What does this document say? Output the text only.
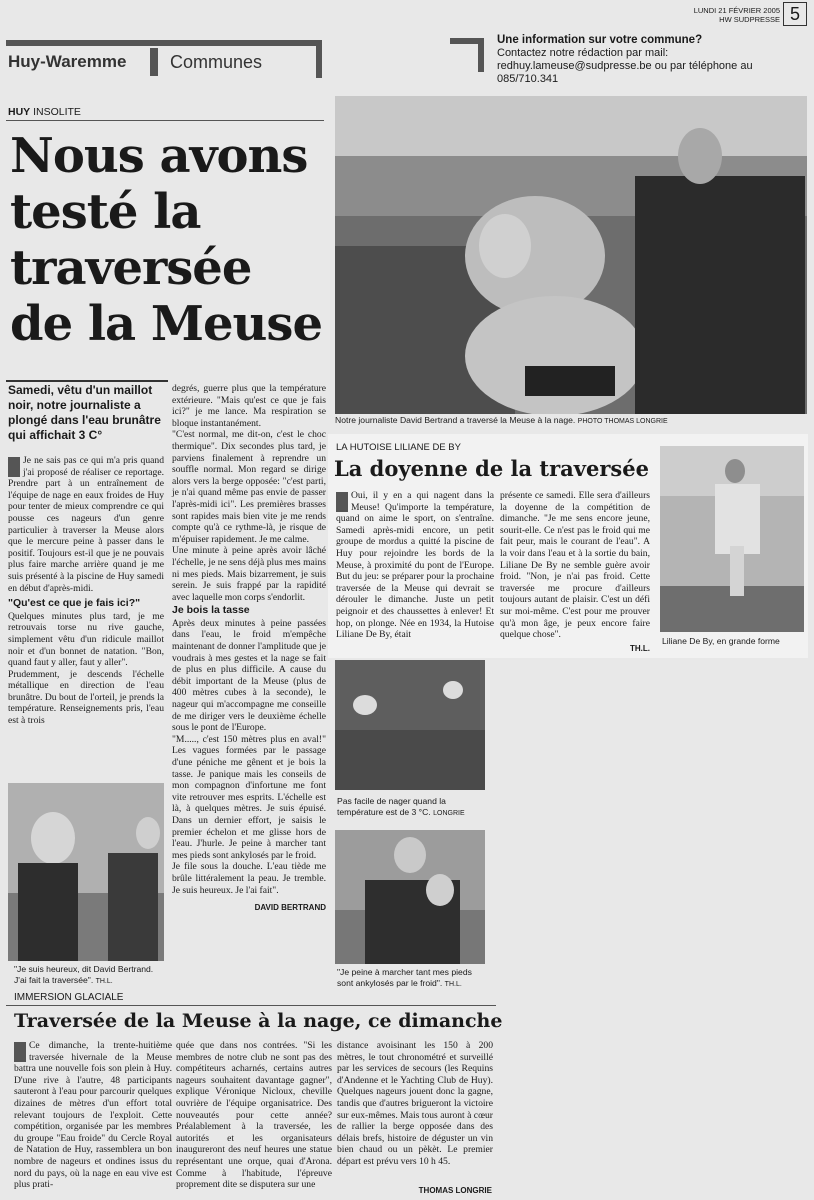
LUNDI 21 FÉVRIER 2005
HW SUDPRESSE 5
Huy-Waremme Communes
Une information sur votre commune?
Contactez notre rédaction par mail:
redhuy.lameuse@sudpresse.be ou par téléphone au 085/710.341
HUY INSOLITE
Nous avons testé la traversée de la Meuse
Samedi, vêtu d'un maillot noir, notre journaliste a plongé dans l'eau brunâtre qui affichait 3 C°
Notre journaliste David Bertrand a traversé la Meuse à la nage. PHOTO THOMAS LONGRIE

Je ne sais pas ce qui m'a pris quand j'ai proposé de réaliser ce reportage. Prendre part à un entraînement de l'équipe de nage en eaux froides de Huy pour tenter de mieux comprendre ce qui pousse ces nageurs d'un genre particulier à traverser la Meuse alors que le mercure peine à passer dans le positif. Toujours est-il que je ne pouvais plus faire marche arrière quand je me suis présenté à la piscine de Huy samedi en début d'après-midi.

"Qu'est ce que je fais ici?"

Quelques minutes plus tard, je me retrouvais torse nu rive gauche, simplement vêtu d'un ridicule maillot noir et d'un bonnet de natation. "Bon, quand faut y aller, faut y aller".

Prudemment, je descends l'échelle métallique en direction de l'eau brunâtre. Du bout de l'orteil, je prends la température. Renseignements pris, l'eau est à trois

"Je suis heureux, dit David Bertrand. J'ai fait la traversée". TH.L.

degrés, guerre plus que la température extérieure. "Mais qu'est ce que je fais ici?" je me lance. Ma respiration se bloque instantanément.

"C'est normal, me dit-on, c'est le choc thermique". Dix secondes plus tard, je parviens finalement à reprendre un souffle normal. Mon regard se dirige alors vers la berge opposée: "c'est parti, je n'ai quand même pas envie de passer l'après-midi ici". Les premières brasses sont rapides mais bien vite je me rends compte qu'à ce rythme-là, je risque de m'épuiser rapidement. Je me calme.

Une minute à peine après avoir lâché l'échelle, je ne sens déjà plus mes mains ni mes pieds. Mais bizarrement, je suis serein. Je suis frappé par la rapidité avec laquelle mon corps s'endorlit.

Je bois la tasse

Après deux minutes à peine passées dans l'eau, le froid m'empêche maintenant de donner l'amplitude que je voudrais à mes gestes et la nage se fait de plus en plus difficile. A cause du débit important de la Meuse (plus de 400 mètres cubes à la seconde), le nageur qui m'accompagne me conseille de me diriger vers le deuxième échelle sous le pont de l'Europe.

"M....., c'est 150 mètres plus en aval!" Les vagues formées par le passage d'une péniche me gênent et je bois la tasse. Je panique mais les conseils de mon compagnon d'infortune me font vite retrouver mes esprits. L'échelle est là, à quelques mètres. Je suis épuisé. Dans un dernier effort, je saisis le premier échelon et me glisse hors de l'eau. J'hurle. Je peine à marcher tant mes pieds sont ankylosés par le froid.

Je file sous la douche. L'eau tiède me brûle littéralement la peau. Je tremble. Je suis heureux. Je l'ai fait".

DAVID BERTRAND
Pas facile de nager quand la température est de 3 °C. LONGRIE
"Je peine à marcher tant mes pieds sont ankylosés par le froid". TH.L.
LA HUTOISE LILIANE DE BY
La doyenne de la traversée

Oui, il y en a qui nagent dans la Meuse! Qu'importe la température, quand on aime le sport, on s'entraîne. Samedi après-midi encore, un petit groupe de mordus a quitté la piscine de Huy pour rejoindre les bords de la Meuse, à proximité du pont de l'Europe. But du jeu: se préparer pour la prochaine traversée de la Meuse qui devrait se dérouler le dimanche. Juste un petit peignoir et des chaussettes à enlever! Et hop, on plonge. Née en 1934, la Hutoise Liliane De By, était

présente ce samedi. Elle sera d'ailleurs la doyenne de la compétition de dimanche. "Je me sens encore jeune, sourit-elle. Ce n'est pas le froid qui me fait peur, mais le courant de l'eau". A la voir dans l'eau et à la sortie du bain, Liliane De By ne semble guère avoir froid. "Non, je n'ai pas froid. Cette traversée me procure d'ailleurs toujours autant de plaisir. C'est un défi sur moi-même. C'est pour me prouver qu'à mon âge, je peux encore faire quelque chose".

TH.L.
Liliane De By, en grande forme
IMMERSION GLACIALE
Traversée de la Meuse à la nage, ce dimanche

Ce dimanche, la trente-huitième traversée hivernale de la Meuse battra une nouvelle fois son plein à Huy. D'une rive à l'autre, 48 participants sauteront à l'eau pour parcourir quelques dizaines de mètres d'un effort total relevant toujours de l'exploit. Cette compétition, organisée par les membres du groupe "Eau froide" du Cercle Royal de Natation de Huy, rassemblera un bon nombre de nageurs et ondines issus du nord du pays, où la nage en eau vive est plus prati-

quée que dans nos contrées. "Si les membres de notre club ne sont pas des compétiteurs acharnés, certains autres nageurs souhaitent davantage gagner", explique Véronique Nicloux, cheville ouvrière de l'équipe organisatrice. Des nouveautés pour cette année? Préalablement à la traversée, les autorités et les organisateurs inaugureront des neuf heures une statue représentant une orque, quai d'Arona. Comme à l'habitude, l'épreuve proprement dite se disputera sur une

distance avoisinant les 150 à 200 mètres, le tout chronométré et surveillé par les services de secours (les Requins d'Andenne et le Yachting Club de Huy). Quelques nageurs jouent donc la gagne, tandis que d'autres brigueront la victoire sur eux-mêmes. Mais tous auront à cœur de rallier la berge opposée dans des délais brefs, histoire de déguster un vin bien chaud ou un pèkèt. Le premier départ est prévu vers 10 h 45.

THOMAS LONGRIE
